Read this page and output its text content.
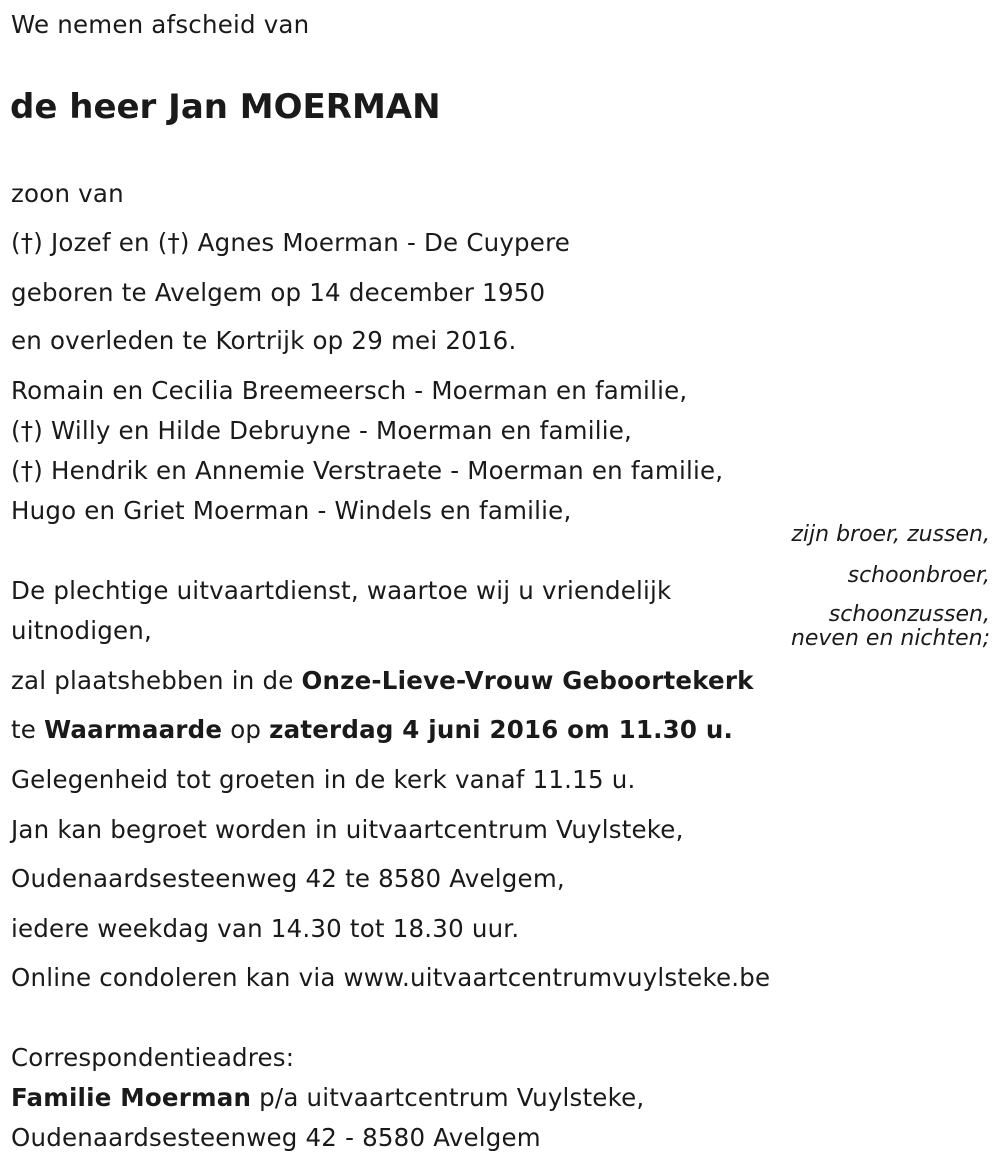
We nemen afscheid van
de heer Jan MOERMAN
zoon van
(†) Jozef en (†) Agnes Moerman - De Cuypere
geboren te Avelgem op 14 december 1950
en overleden te Kortrijk op 29 mei 2016.
Romain en Cecilia Breemeersch - Moerman en familie,
(†) Willy en Hilde Debruyne - Moerman en familie,
(†) Hendrik en Annemie Verstraete - Moerman en familie,
Hugo en Griet Moerman - Windels en familie,
zijn broer, zussen,
schoonbroer,
schoonzussen,
neven en nichten;
De plechtige uitvaartdienst, waartoe wij u vriendelijk
uitnodigen,
zal plaatshebben in de Onze-Lieve-Vrouw Geboortekerk
te Waarmaarde op zaterdag 4 juni 2016 om 11.30 u.
Gelegenheid tot groeten in de kerk vanaf 11.15 u.
Jan kan begroet worden in uitvaartcentrum Vuylsteke,
Oudenaardsesteenweg 42 te 8580 Avelgem,
iedere weekdag van 14.30 tot 18.30 uur.
Online condoleren kan via www.uitvaartcentrumvuylsteke.be
Correspondentieadres:
Familie Moerman p/a uitvaartcentrum Vuylsteke,
Oudenaardsesteenweg 42 - 8580 Avelgem
